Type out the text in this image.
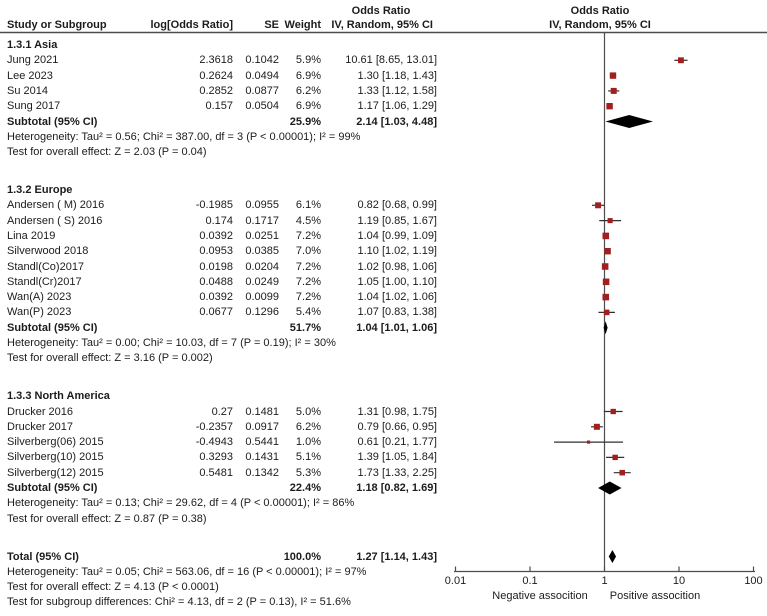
Odds Ratio
Study or Subgroup	log[Odds Ratio]	SE Weight IV, Random, 95% CI
Odds Ratio
IV, Random, 95% CI
Negative assocition	Positive assocition
0.01	0.1	1	10	100
1.3.1 Asia
Jung 2021	2.3618	0.1042	5.9%	10.61 [8.65, 13.01]
Lee 2023	0.2624	0.0494	6.9%	1.30 [1.18, 1.43]
Su 2014	0.2852	0.0877	6.2%	1.33 [1.12, 1.58]
Sung 2017	0.157	0.0504	6.9%	1.17 [1.06, 1.29]
Subtotal (95% CI)	25.9%	2.14 [1.03, 4.48]
Heterogeneity: Tau² = 0.56; Chi² = 387.00, df = 3 (P < 0.00001); I² = 99%
Test for overall effect: Z = 2.03 (P = 0.04)
1.3.2 Europe
Andersen ( M) 2016	-0.1985	0.0955	6.1%	0.82 [0.68, 0.99]
Andersen ( S) 2016	0.174	0.1717	4.5%	1.19 [0.85, 1.67]
Lina 2019	0.0392	0.0251	7.2%	1.04 [0.99, 1.09]
Silverwood 2018	0.0953	0.0385	7.0%	1.10 [1.02, 1.19]
Standl(Co)2017	0.0198	0.0204	7.2%	1.02 [0.98, 1.06]
Standl(Cr)2017	0.0488	0.0249	7.2%	1.05 [1.00, 1.10]
Wan(A) 2023	0.0392	0.0099	7.2%	1.04 [1.02, 1.06]
Wan(P) 2023	0.0677	0.1296	5.4%	1.07 [0.83, 1.38]
Subtotal (95% CI)	51.7%	1.04 [1.01, 1.06]
Heterogeneity: Tau² = 0.00; Chi² = 10.03, df = 7 (P = 0.19); I² = 30%
Test for overall effect: Z = 3.16 (P = 0.002)
1.3.3 North America
Drucker 2016	0.27	0.1481	5.0%	1.31 [0.98, 1.75]
Drucker 2017	-0.2357	0.0917	6.2%	0.79 [0.66, 0.95]
Silverberg(06) 2015	-0.4943	0.5441	1.0%	0.61 [0.21, 1.77]
Silverberg(10) 2015	0.3293	0.1431	5.1%	1.39 [1.05, 1.84]
Silverberg(12) 2015	0.5481	0.1342	5.3%	1.73 [1.33, 2.25]
Subtotal (95% CI)	22.4%	1.18 [0.82, 1.69]
Heterogeneity: Tau² = 0.13; Chi² = 29.62, df = 4 (P < 0.00001); I² = 86%
Test for overall effect: Z = 0.87 (P = 0.38)
Total (95% CI)	100.0%	1.27 [1.14, 1.43]
Heterogeneity: Tau² = 0.05; Chi² = 563.06, df = 16 (P < 0.00001); I² = 97%
Test for overall effect: Z = 4.13 (P < 0.0001)
Test for subgroup differences: Chi² = 4.13, df = 2 (P = 0.13), I² = 51.6%
